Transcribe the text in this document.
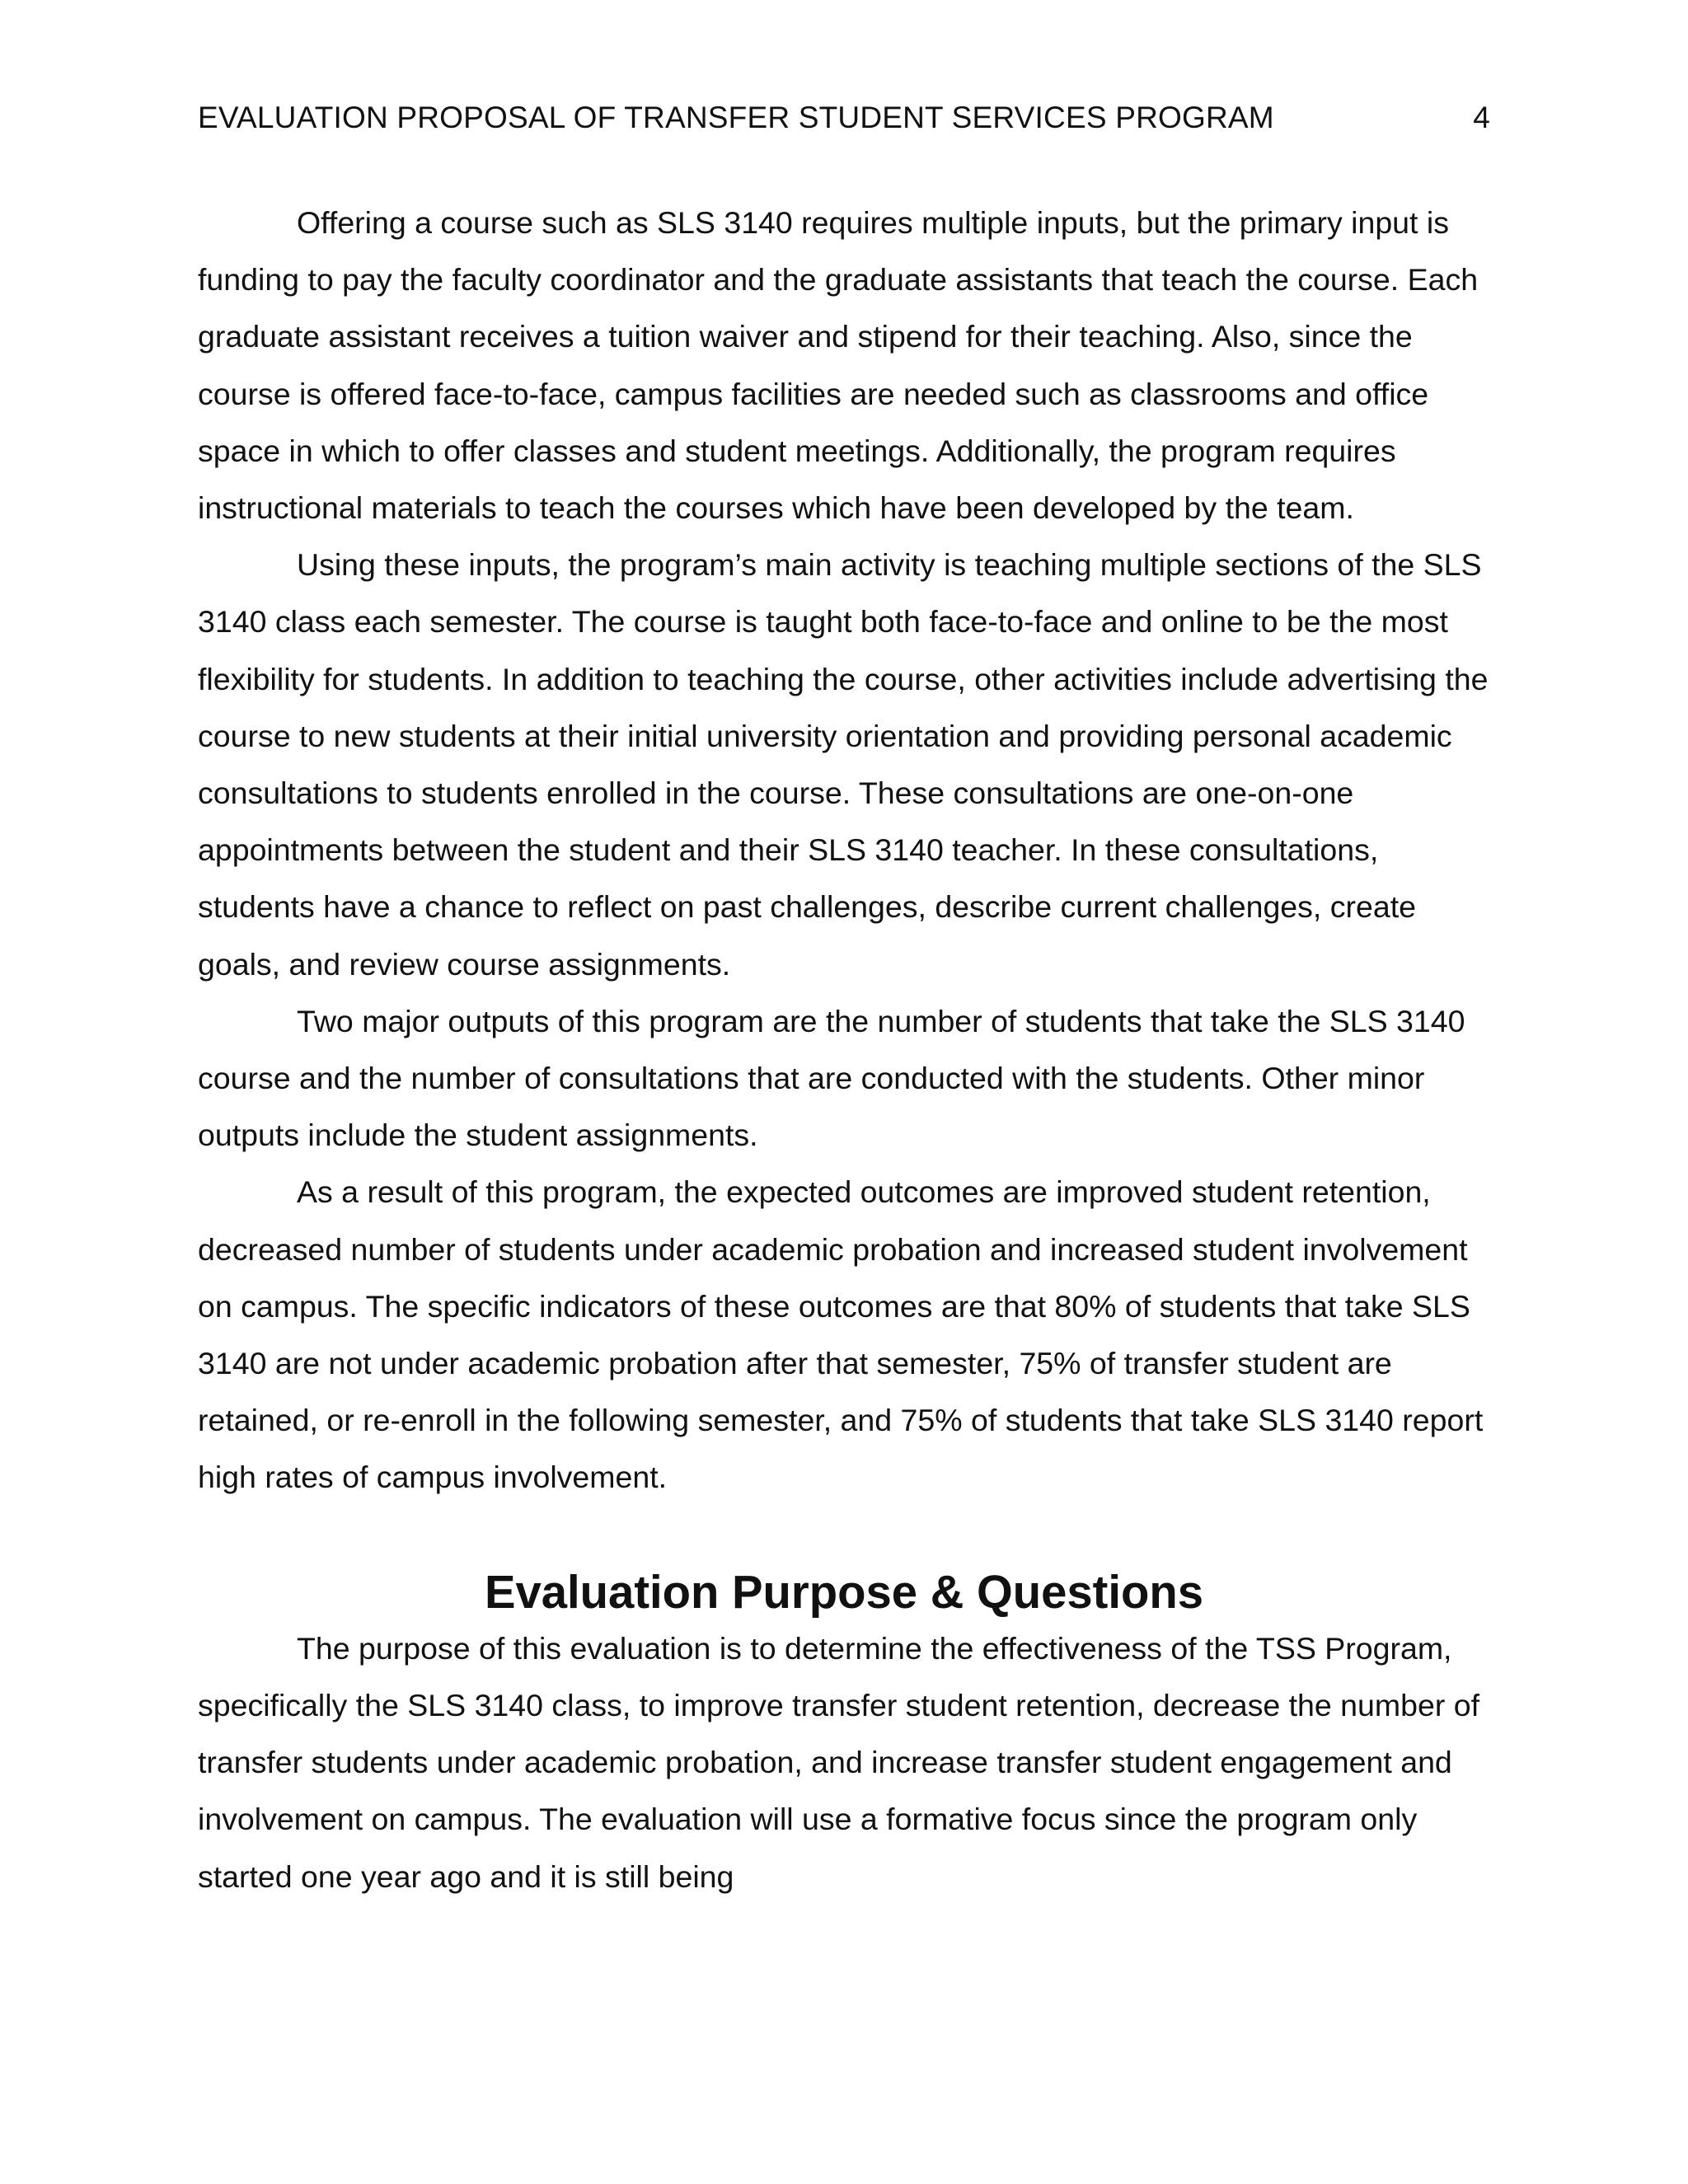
EVALUATION PROPOSAL OF TRANSFER STUDENT SERVICES PROGRAM	4

Offering a course such as SLS 3140 requires multiple inputs, but the primary input is funding to pay the faculty coordinator and the graduate assistants that teach the course. Each graduate assistant receives a tuition waiver and stipend for their teaching. Also, since the course is offered face-to-face, campus facilities are needed such as classrooms and office space in which to offer classes and student meetings. Additionally, the program requires instructional materials to teach the courses which have been developed by the team.

Using these inputs, the program’s main activity is teaching multiple sections of the SLS 3140 class each semester. The course is taught both face-to-face and online to be the most flexibility for students. In addition to teaching the course, other activities include advertising the course to new students at their initial university orientation and providing personal academic consultations to students enrolled in the course. These consultations are one-on-one appointments between the student and their SLS 3140 teacher. In these consultations, students have a chance to reflect on past challenges, describe current challenges, create goals, and review course assignments.

Two major outputs of this program are the number of students that take the SLS 3140 course and the number of consultations that are conducted with the students. Other minor outputs include the student assignments.

As a result of this program, the expected outcomes are improved student retention, decreased number of students under academic probation and increased student involvement on campus. The specific indicators of these outcomes are that 80% of students that take SLS 3140 are not under academic probation after that semester, 75% of transfer student are retained, or re-enroll in the following semester, and 75% of students that take SLS 3140 report high rates of campus involvement.

Evaluation Purpose & Questions

The purpose of this evaluation is to determine the effectiveness of the TSS Program, specifically the SLS 3140 class, to improve transfer student retention, decrease the number of transfer students under academic probation, and increase transfer student engagement and involvement on campus. The evaluation will use a formative focus since the program only started one year ago and it is still being
